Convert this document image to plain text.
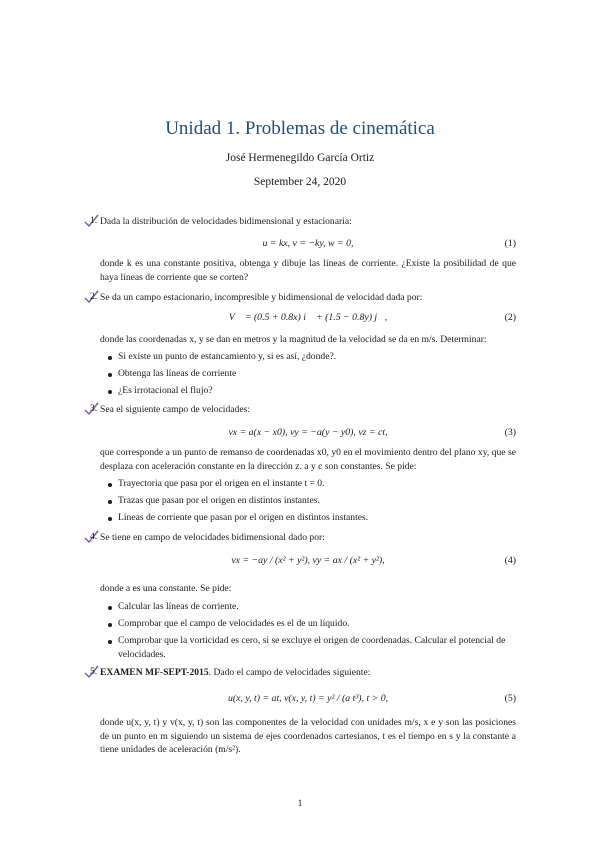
Unidad 1. Problemas de cinemática
José Hermenegildo García Ortiz
September 24, 2020
1. Dada la distribución de velocidades bidimensional y estacionaria:
u = kx, v = −ky, w = 0,	(1)
donde k es una constante positiva, obtenga y dibuje las líneas de corriente. ¿Existe la posibilidad de que haya líneas de corriente que se corten?
2. Se da un campo estacionario, incompresible y bidimensional de velocidad dada por:
V⃗ = (0.5 + 0.8x) i⃗ + (1.5 − 0.8y) j⃗,	(2)
donde las coordenadas x, y se dan en metros y la magnitud de la velocidad se da en m/s. Determinar:
Si existe un punto de estancamiento y, si es así, ¿donde?.
Obtenga las líneas de corriente
¿Es irrotacional el flujo?
3. Sea el siguiente campo de velocidades:
vx = a(x − x0), vy = −a(y − y0), vz = ct,	(3)
que corresponde a un punto de remanso de coordenadas x0, y0 en el movimiento dentro del plano xy, que se desplaza con aceleración constante en la dirección z. a y c son constantes. Se pide:
Trayectoria que pasa por el origen en el instante t = 0.
Trazas que pasan por el origen en distintos instantes.
Líneas de corriente que pasan por el origen en distintos instantes.
4. Se tiene en campo de velocidades bidimensional dado por:
vx = −ay / (x² + y²), vy = ax / (x² + y²),	(4)
donde a es una constante. Se pide:
Calcular las líneas de corriente.
Comprobar que el campo de velocidades es el de un líquido.
Comprobar que la vorticidad es cero, si se excluye el origen de coordenadas. Calcular el potencial de velocidades.
5. EXAMEN MF-SEPT-2015. Dado el campo de velocidades siguiente:
u(x, y, t) = at, v(x, y, t) = y² / (a t³), t > 0,	(5)
donde u(x, y, t) y v(x, y, t) son las componentes de la velocidad con unidades m/s, x e y son las posiciones de un punto en m siguiendo un sistema de ejes coordenados cartesianos, t es el tiempo en s y la constante a tiene unidades de aceleración (m/s²).
1
